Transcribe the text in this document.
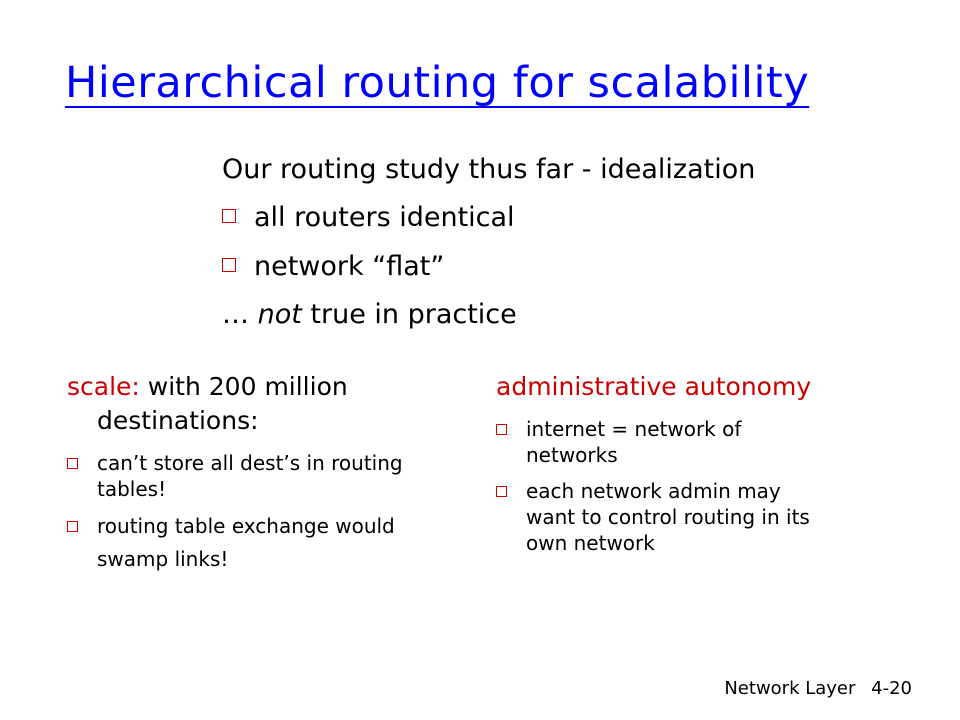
Hierarchical routing for scalability
Our routing study thus far - idealization
all routers identical
network “flat”
… not true in practice
scale: with 200 million destinations:
can’t store all dest’s in routing tables!
routing table exchange would swamp links!
administrative autonomy
internet = network of networks
each network admin may want to control routing in its own network
Network Layer 4-20
